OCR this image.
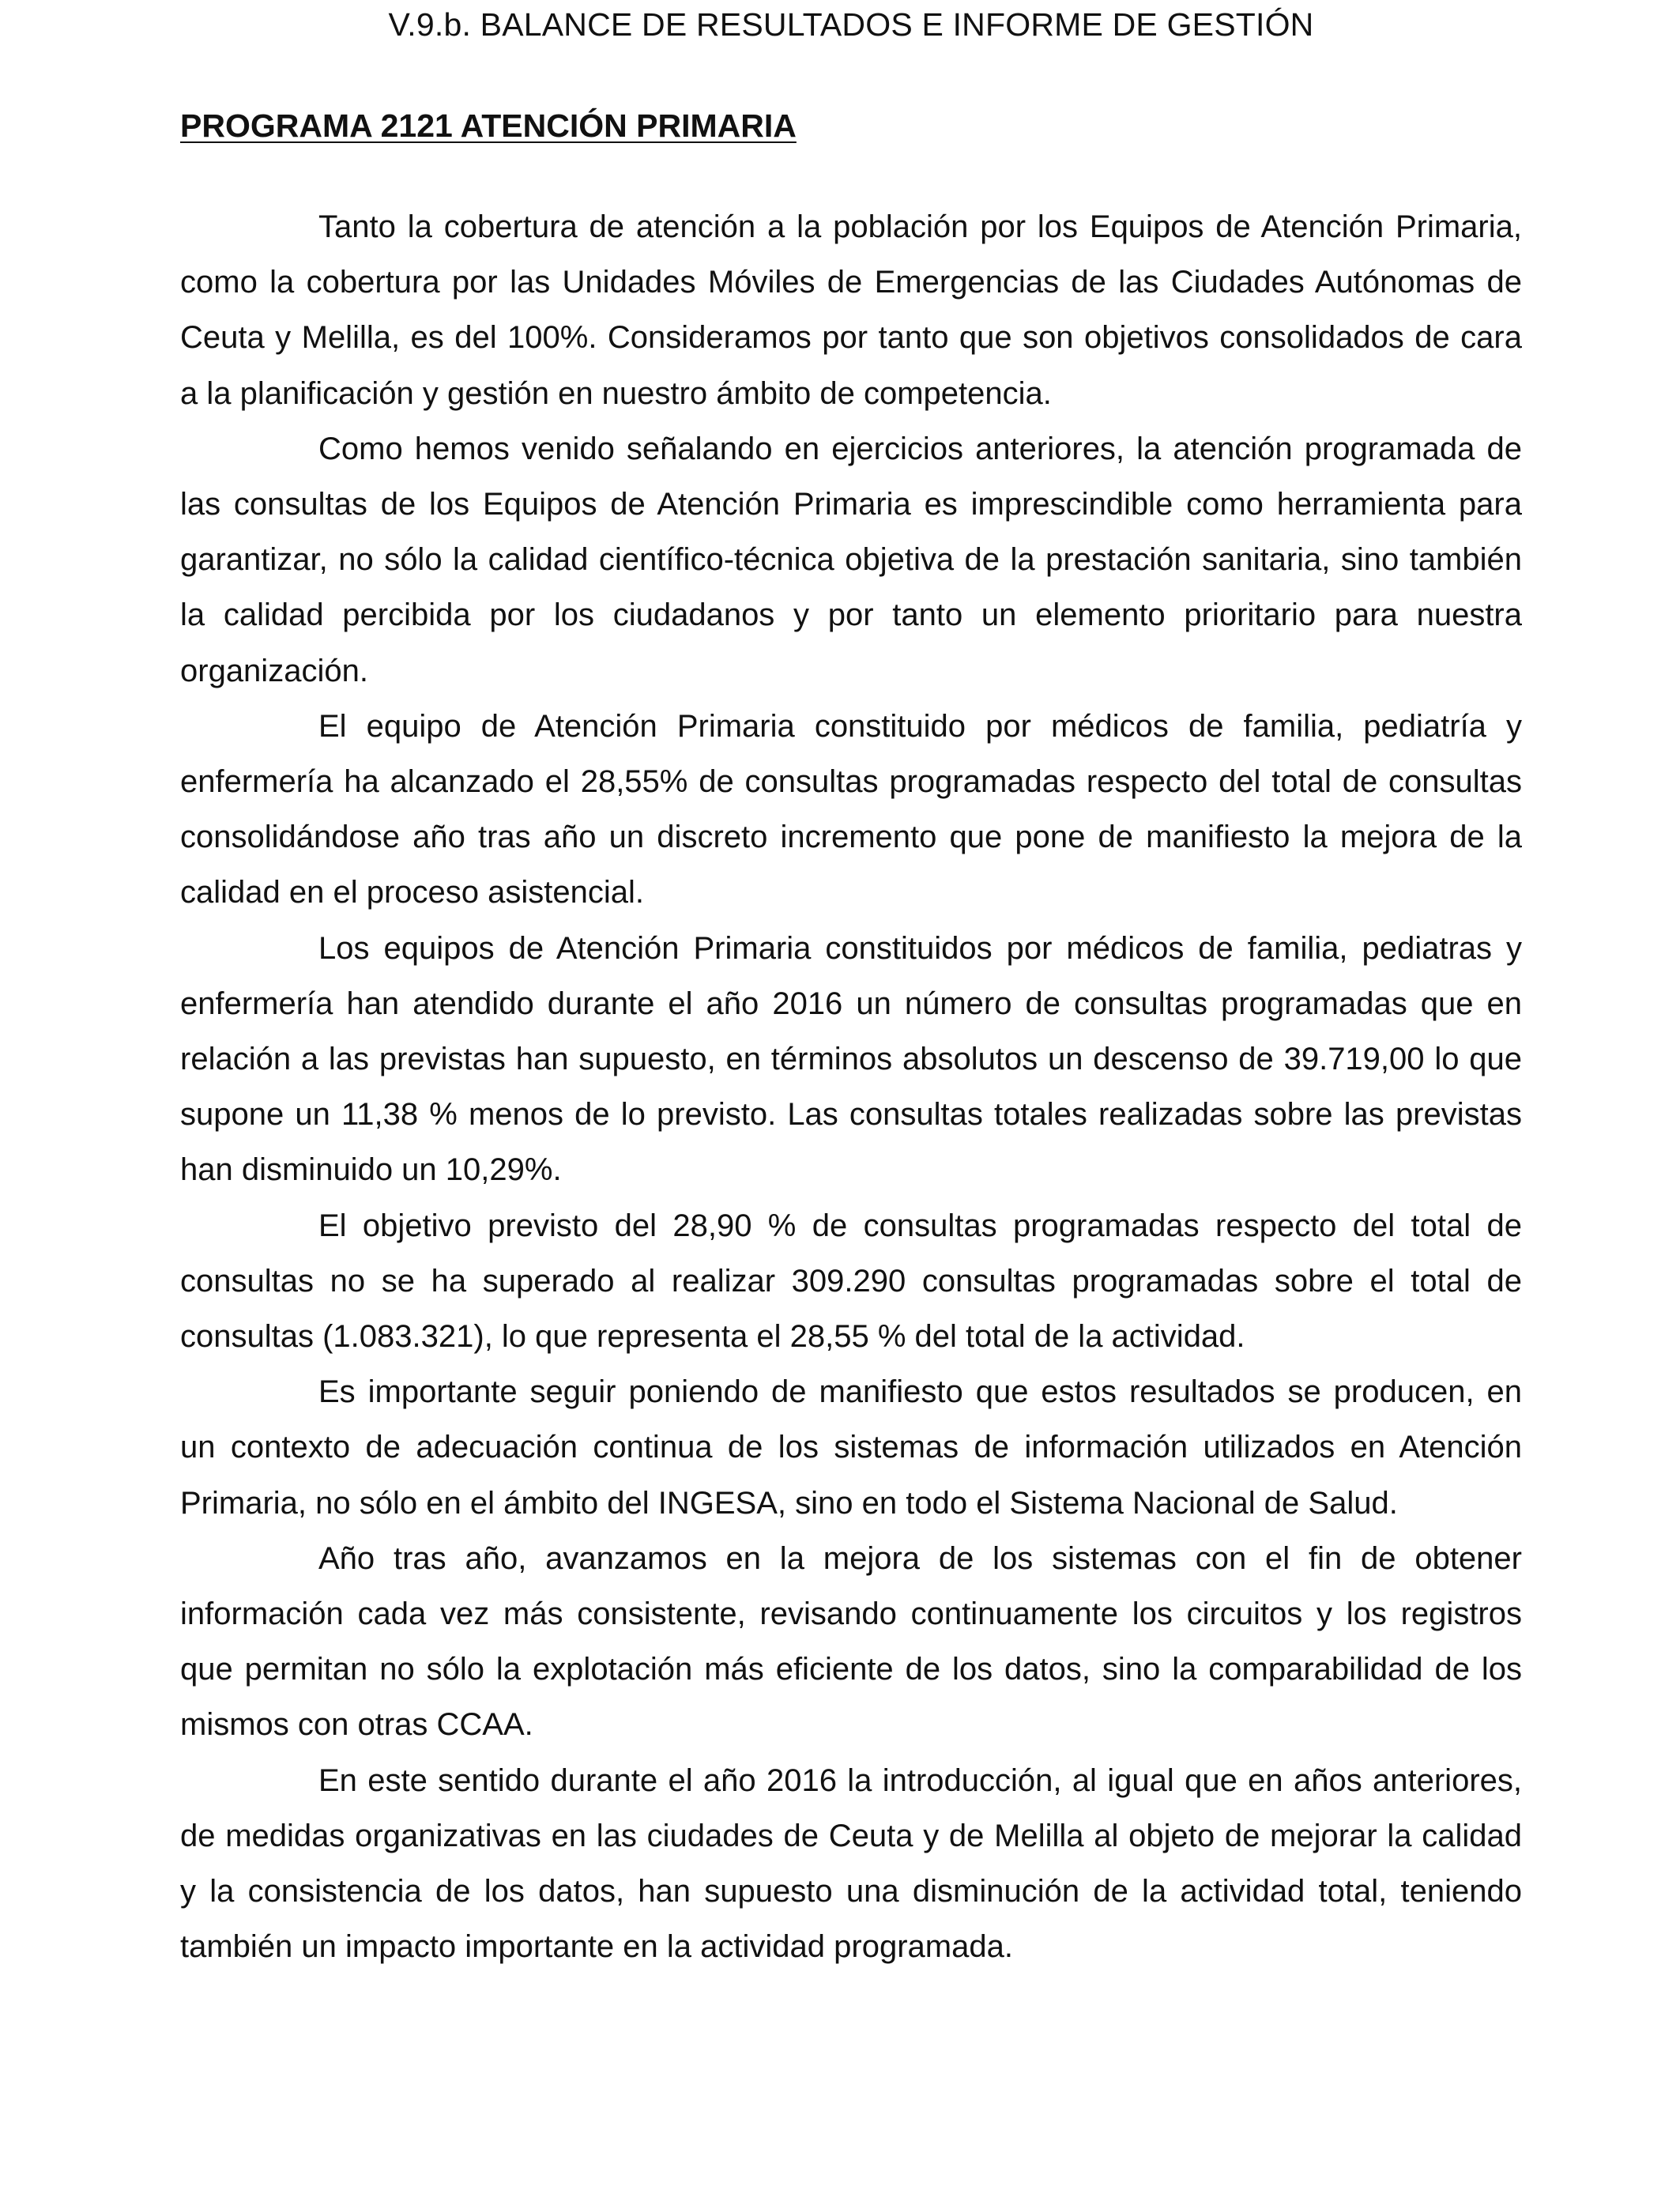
V.9.b. BALANCE DE RESULTADOS E INFORME DE GESTIÓN
PROGRAMA 2121 ATENCIÓN PRIMARIA

Tanto la cobertura de atención a la población por los Equipos de Atención Primaria, como la cobertura por las Unidades Móviles de Emergencias de las Ciudades Autónomas de Ceuta y Melilla, es del 100%. Consideramos por tanto que son objetivos consolidados de cara a la planificación y gestión en nuestro ámbito de competencia.

Como hemos venido señalando en ejercicios anteriores, la atención programada de las consultas de los Equipos de Atención Primaria es imprescindible como herramienta para garantizar, no sólo la calidad científico-técnica objetiva de la prestación sanitaria, sino también la calidad percibida por los ciudadanos y por tanto un elemento prioritario para nuestra organización.

El equipo de Atención Primaria constituido por médicos de familia, pediatría y enfermería ha alcanzado el 28,55% de consultas programadas respecto del total de consultas consolidándose año tras año un discreto incremento que pone de manifiesto la mejora de la calidad en el proceso asistencial.

Los equipos de Atención Primaria constituidos por médicos de familia, pediatras y enfermería han atendido durante el año 2016 un número de consultas programadas que en relación a las previstas han supuesto, en términos absolutos un descenso de 39.719,00 lo que supone un 11,38 % menos de lo previsto. Las consultas totales realizadas sobre las previstas han disminuido un 10,29%.

El objetivo previsto del 28,90 % de consultas programadas respecto del total de consultas no se ha superado al realizar 309.290 consultas programadas sobre el total de consultas (1.083.321), lo que representa el 28,55 % del total de la actividad.

Es importante seguir poniendo de manifiesto que estos resultados se producen, en un contexto de adecuación continua de los sistemas de información utilizados en Atención Primaria, no sólo en el ámbito del INGESA, sino en todo el Sistema Nacional de Salud.

Año tras año, avanzamos en la mejora de los sistemas con el fin de obtener información cada vez más consistente, revisando continuamente los circuitos y los registros que permitan no sólo la explotación más eficiente de los datos, sino la comparabilidad de los mismos con otras CCAA.

En este sentido durante el año 2016 la introducción, al igual que en años anteriores, de medidas organizativas en las ciudades de Ceuta y de Melilla al objeto de mejorar la calidad y la consistencia de los datos, han supuesto una disminución de la actividad total, teniendo también un impacto importante en la actividad programada.
